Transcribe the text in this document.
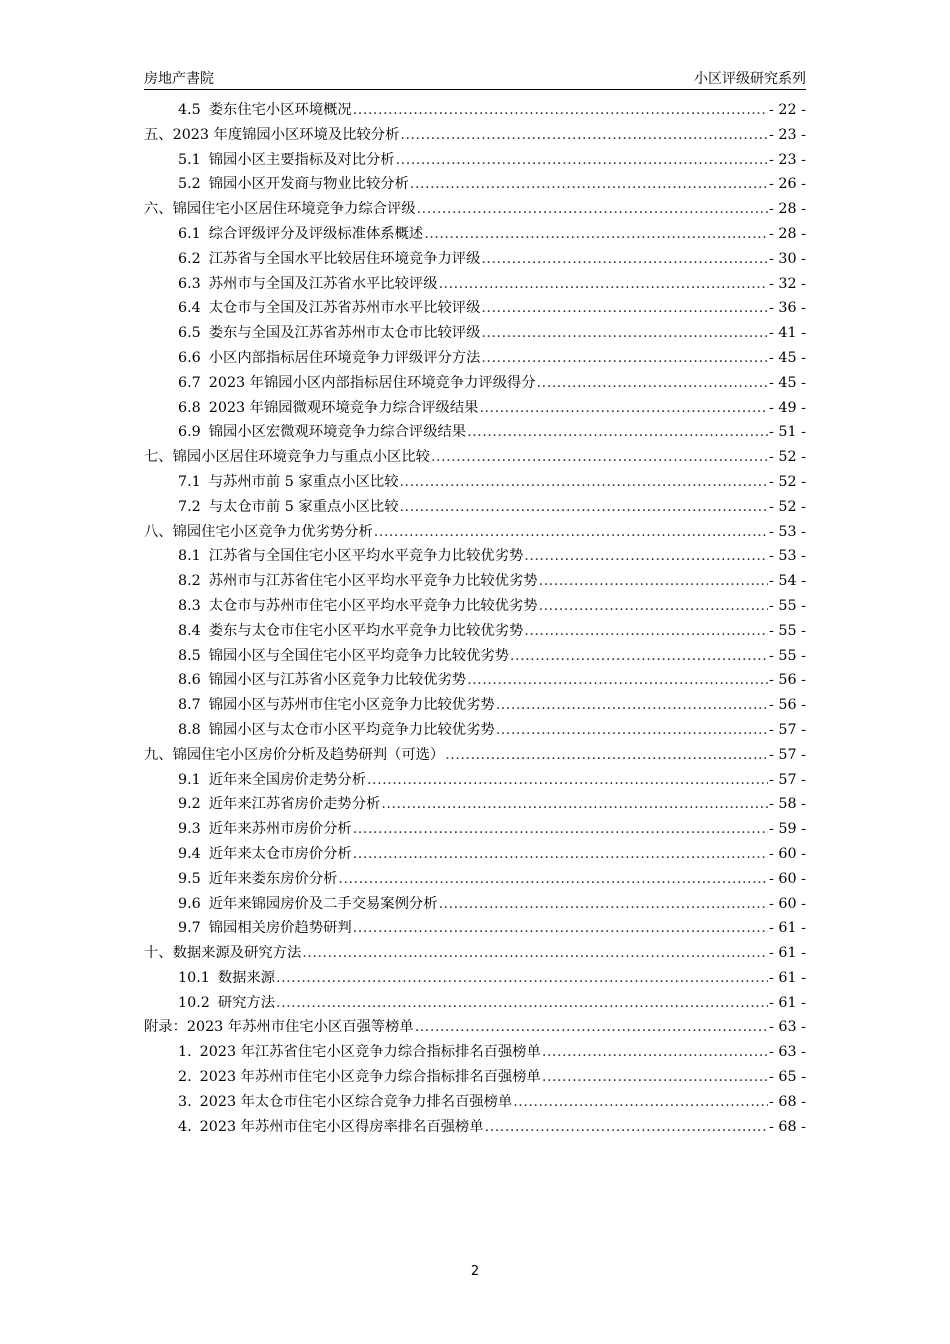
房地产書院	小区评级研究系列
4.5 娄东住宅小区环境概况 .....	- 22 -
五、 2023 年度锦园小区环境及比较分析 .....	- 23 -
5.1 锦园小区主要指标及对比分析 .....	- 23 -
5.2 锦园小区开发商与物业比较分析 .....	- 26 -
六、 锦园住宅小区居住环境竞争力综合评级 .....	- 28 -
6.1 综合评级评分及评级标准体系概述 .....	- 28 -
6.2 江苏省与全国水平比较居住环境竞争力评级 .....	- 30 -
6.3 苏州市与全国及江苏省水平比较评级 .....	- 32 -
6.4 太仓市与全国及江苏省苏州市水平比较评级 .....	- 36 -
6.5 娄东与全国及江苏省苏州市太仓市比较评级 .....	- 41 -
6.6 小区内部指标居住环境竞争力评级评分方法 .....	- 45 -
6.7 2023 年锦园小区内部指标居住环境竞争力评级得分 .....	- 45 -
6.8 2023 年锦园微观环境竞争力综合评级结果 .....	- 49 -
6.9 锦园小区宏微观环境竞争力综合评级结果 .....	- 51 -
七、 锦园小区居住环境竞争力与重点小区比较 .....	- 52 -
7.1 与苏州市前 5 家重点小区比较 .....	- 52 -
7.2 与太仓市前 5 家重点小区比较 .....	- 52 -
八、 锦园住宅小区竞争力优劣势分析 .....	- 53 -
8.1 江苏省与全国住宅小区平均水平竞争力比较优劣势 .....	- 53 -
8.2 苏州市与江苏省住宅小区平均水平竞争力比较优劣势 .....	- 54 -
8.3 太仓市与苏州市住宅小区平均水平竞争力比较优劣势 .....	- 55 -
8.4 娄东与太仓市住宅小区平均水平竞争力比较优劣势 .....	- 55 -
8.5 锦园小区与全国住宅小区平均竞争力比较优劣势 .....	- 55 -
8.6 锦园小区与江苏省小区竞争力比较优劣势 .....	- 56 -
8.7 锦园小区与苏州市住宅小区竞争力比较优劣势 .....	- 56 -
8.8 锦园小区与太仓市小区平均竞争力比较优劣势 .....	- 57 -
九、 锦园住宅小区房价分析及趋势研判（可选） .....	- 57 -
9.1 近年来全国房价走势分析 .....	- 57 -
9.2 近年来江苏省房价走势分析 .....	- 58 -
9.3 近年来苏州市房价分析 .....	- 59 -
9.4 近年来太仓市房价分析 .....	- 60 -
9.5 近年来娄东房价分析 .....	- 60 -
9.6 近年来锦园房价及二手交易案例分析 .....	- 60 -
9.7 锦园相关房价趋势研判 .....	- 61 -
十、 数据来源及研究方法 .....	- 61 -
10.1 数据来源 .....	- 61 -
10.2 研究方法 .....	- 61 -
附录： 2023 年苏州市住宅小区百强等榜单 .....	- 63 -
1. 2023 年江苏省住宅小区竞争力综合指标排名百强榜单 .....	- 63 -
2. 2023 年苏州市住宅小区竞争力综合指标排名百强榜单 .....	- 65 -
3. 2023 年太仓市住宅小区综合竞争力排名百强榜单 .....	- 68 -
4. 2023 年苏州市住宅小区得房率排名百强榜单 .....	- 68 -
2
